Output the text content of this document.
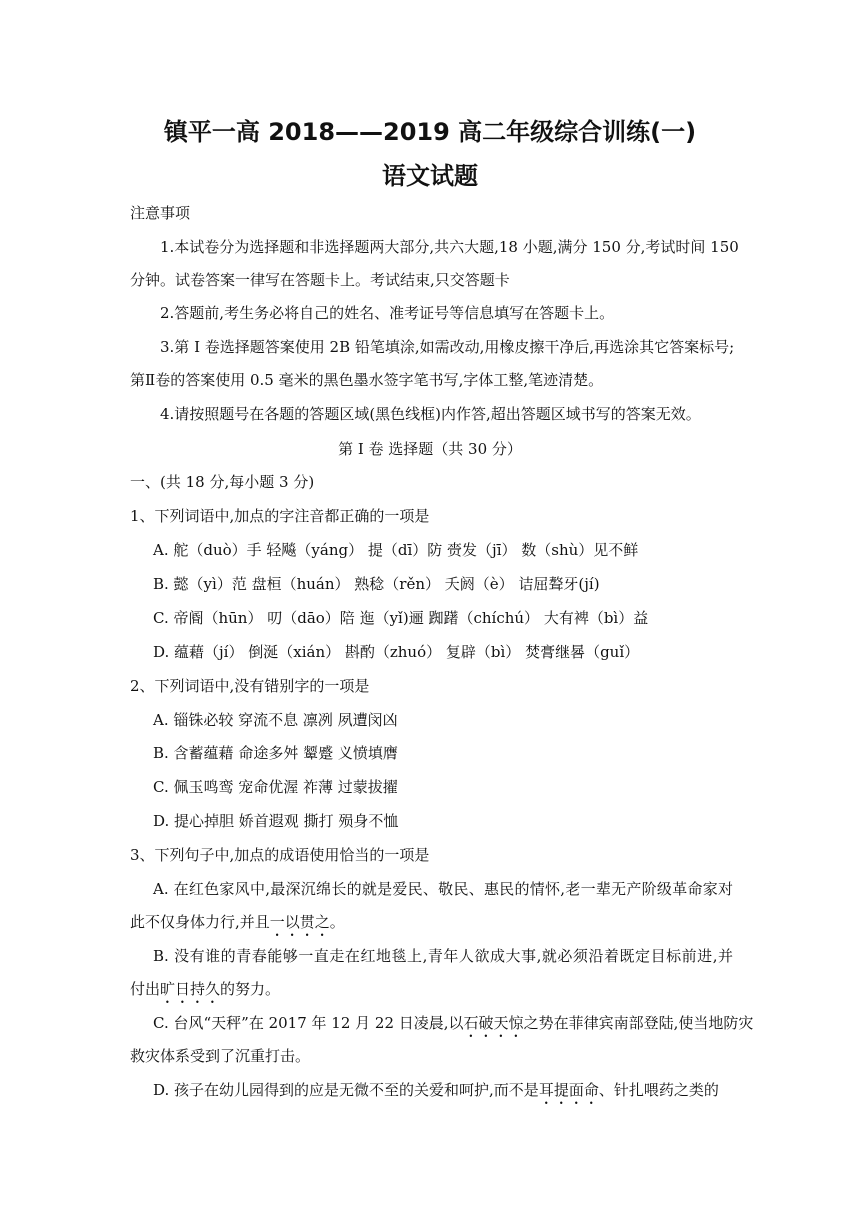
镇平一高 2018——2019 高二年级综合训练(一)
语文试题
注意事项
1.本试卷分为选择题和非选择题两大部分,共六大题,18 小题,满分 150 分,考试时间 150
分钟。试卷答案一律写在答题卡上。考试结束,只交答题卡
2.答题前,考生务必将自己的姓名、准考证号等信息填写在答题卡上。
3.第 I 卷选择题答案使用 2B 铅笔填涂,如需改动,用橡皮擦干净后,再选涂其它答案标号;
第Ⅱ卷的答案使用 0.5 毫米的黑色墨水签字笔书写,字体工整,笔迹清楚。
4.请按照题号在各题的答题区域(黑色线框)内作答,超出答题区域书写的答案无效。
第 I 卷 选择题（共 30 分）
一、(共 18 分,每小题 3 分)
1、下列词语中,加点的字注音都正确的一项是
A. 舵（duò）手 轻飚（yáng） 提（dī）防 赍发（jī） 数（shù）见不鲜
B. 懿（yì）范 盘桓（huán） 熟稔（rěn） 夭阏（è） 诘屈聱牙(jí)
C. 帝阍（hūn） 叨（dāo）陪 迤（yǐ)逦 踟躇（chíchú） 大有裨（bì）益
D. 蕴藉（jí） 倒涎（xián） 斟酌（zhuó） 复辟（bì） 焚膏继晷（guǐ）
2、下列词语中,没有错别字的一项是
A. 锱铢必较 穿流不息 凛冽 夙遭闵凶
B. 含蓄蕴藉 命途多舛 颦蹙 义愤填膺
C. 佩玉鸣鸾 宠命优渥 祚薄 过蒙拔擢
D. 提心掉胆 娇首遐观 撕打 殒身不恤
3、下列句子中,加点的成语使用恰当的一项是
A. 在红色家风中,最深沉绵长的就是爱民、敬民、惠民的情怀,老一辈无产阶级革命家对
此不仅身体力行,并且一以贯之。
B. 没有谁的青春能够一直走在红地毯上,青年人欲成大事,就必须沿着既定目标前进,并
付出旷日持久的努力。
C. 台风“天秤”在 2017 年 12 月 22 日凌晨,以石破天惊之势在菲律宾南部登陆,使当地防灾
救灾体系受到了沉重打击。
D. 孩子在幼儿园得到的应是无微不至的关爱和呵护,而不是耳提面命、针扎喂药之类的
